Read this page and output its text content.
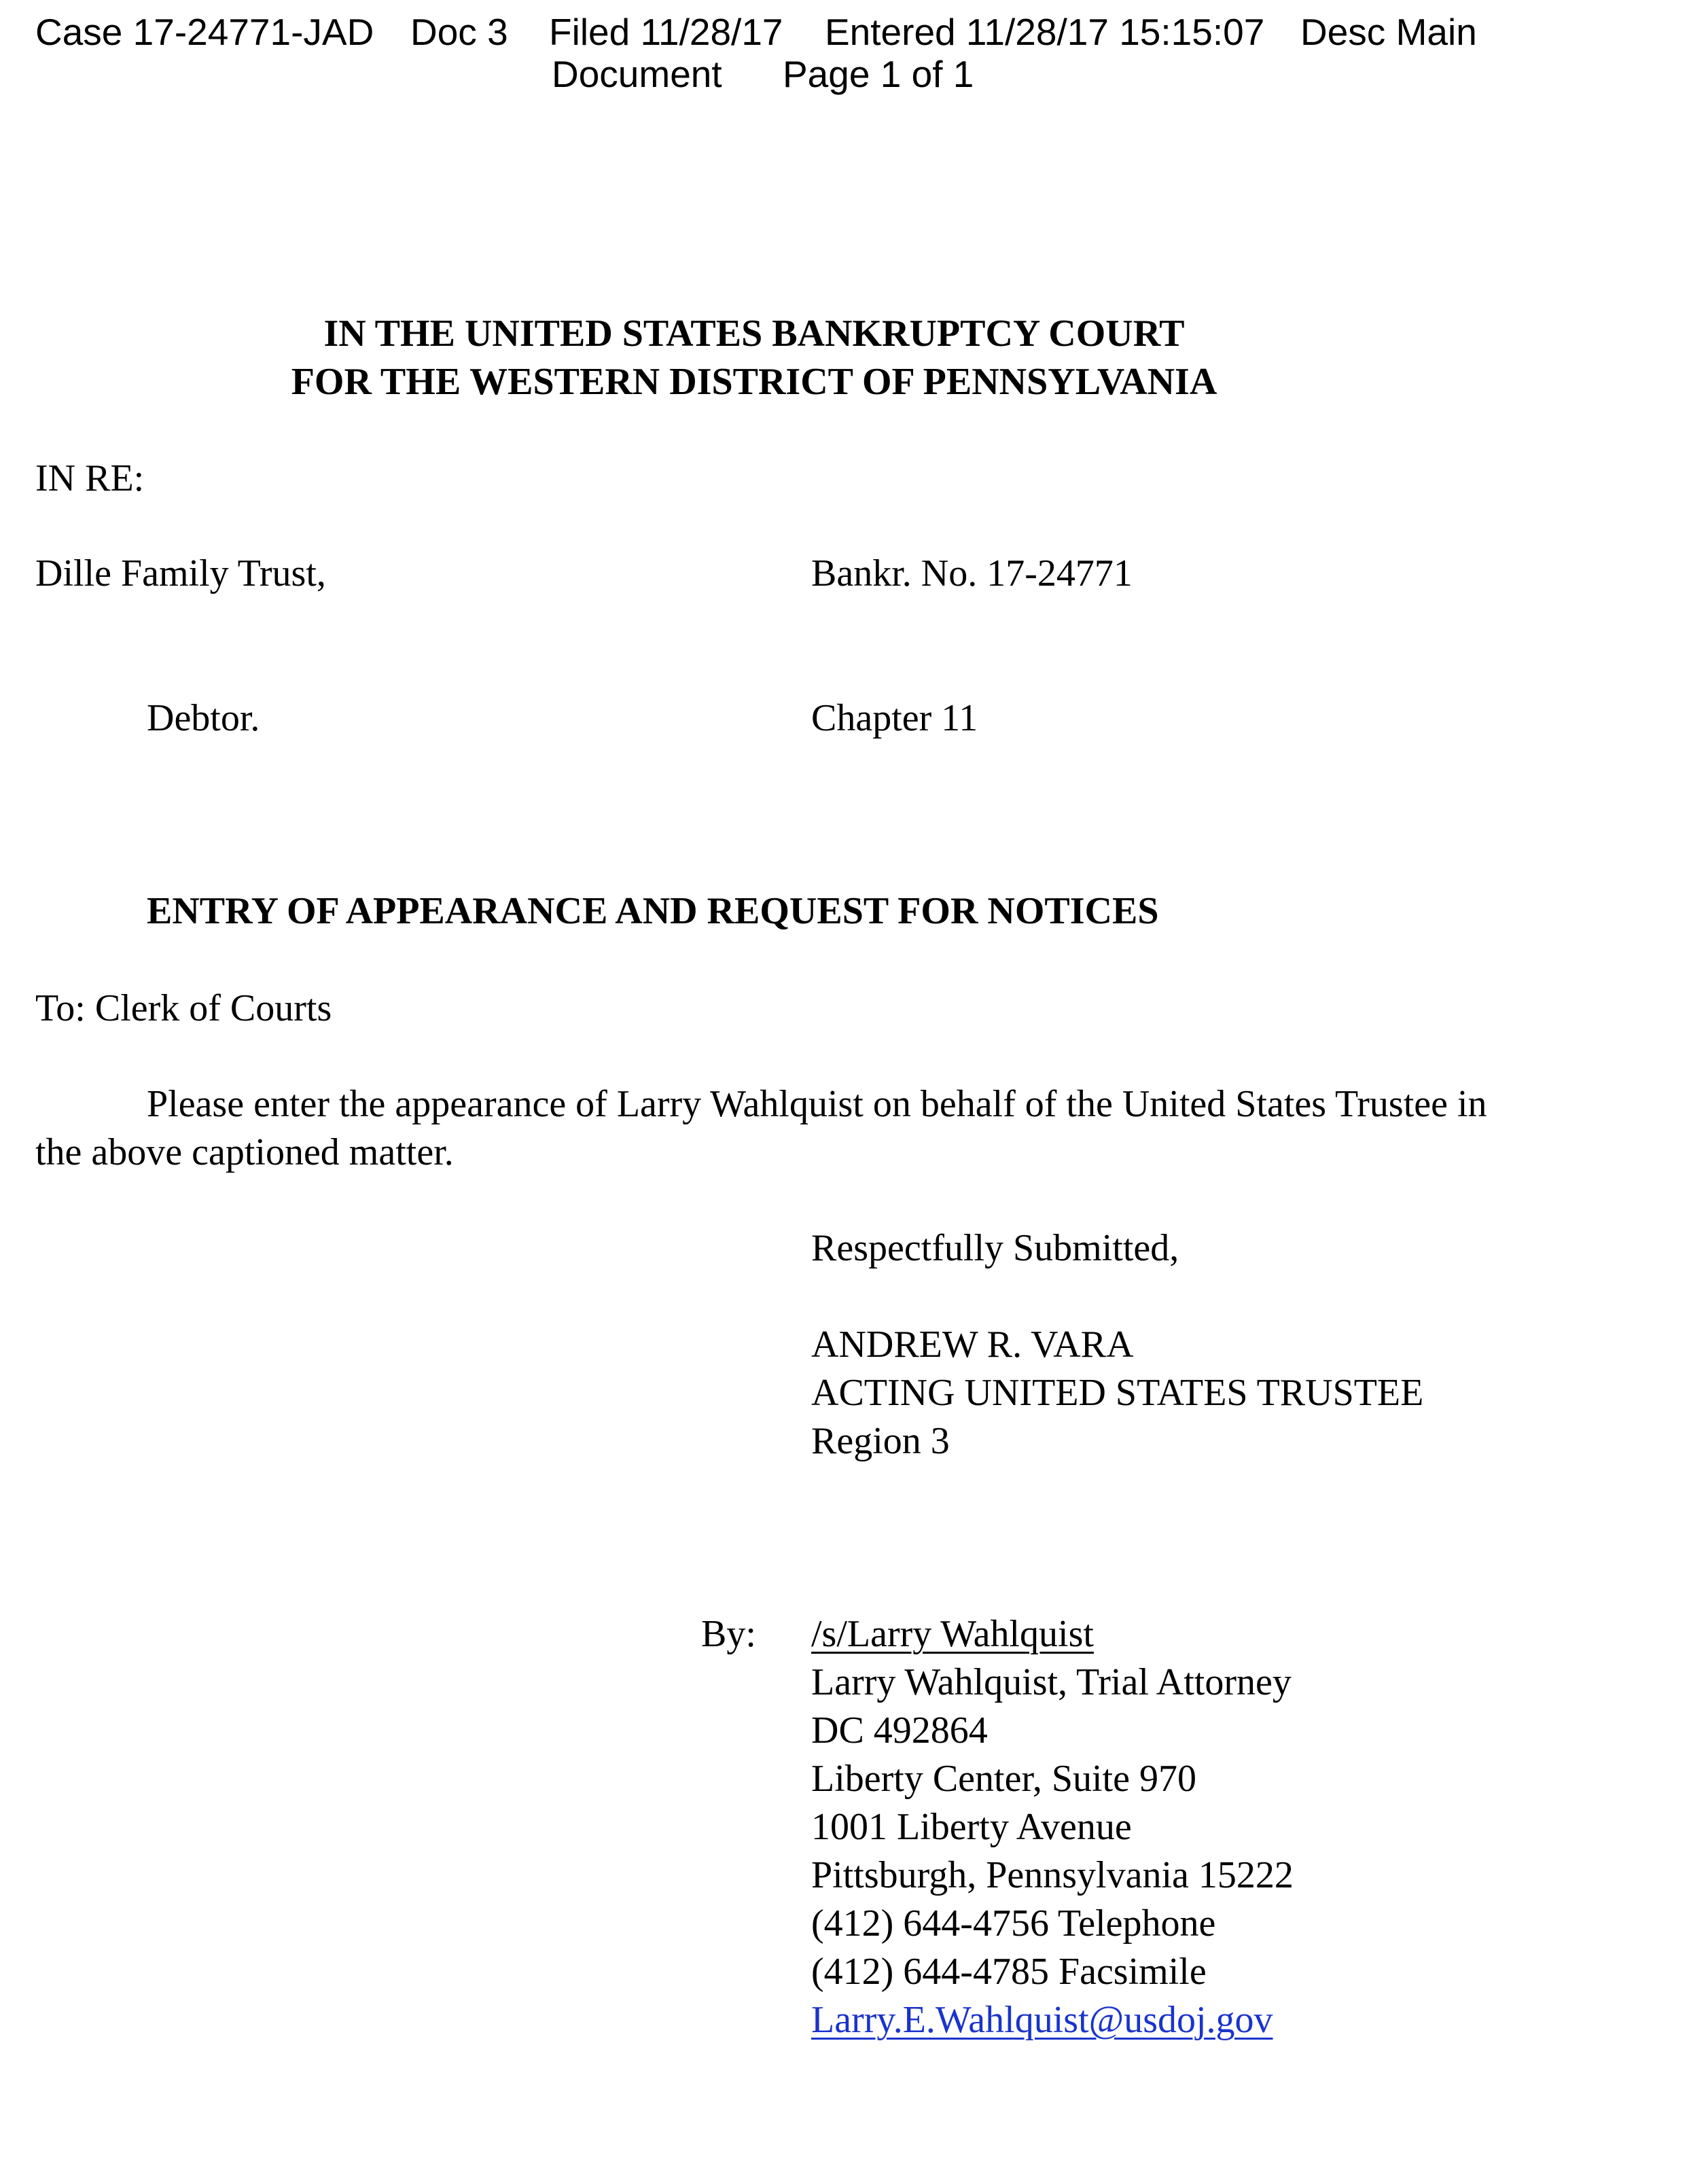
Case 17-24771-JAD Doc 3 Filed 11/28/17 Entered 11/28/17 15:15:07 Desc Main
Document Page 1 of 1
IN THE UNITED STATES BANKRUPTCY COURT
FOR THE WESTERN DISTRICT OF PENNSYLVANIA
IN RE:
Dille Family Trust,	Bankr. No. 17-24771
Debtor.	Chapter 11
ENTRY OF APPEARANCE AND REQUEST FOR NOTICES
To: Clerk of Courts
Please enter the appearance of Larry Wahlquist on behalf of the United States Trustee in
the above captioned matter.
Respectfully Submitted,
ANDREW R. VARA
ACTING UNITED STATES TRUSTEE
Region 3
By: /s/Larry Wahlquist
Larry Wahlquist, Trial Attorney
DC 492864
Liberty Center, Suite 970
1001 Liberty Avenue
Pittsburgh, Pennsylvania 15222
(412) 644-4756 Telephone
(412) 644-4785 Facsimile
Larry.E.Wahlquist@usdoj.gov
